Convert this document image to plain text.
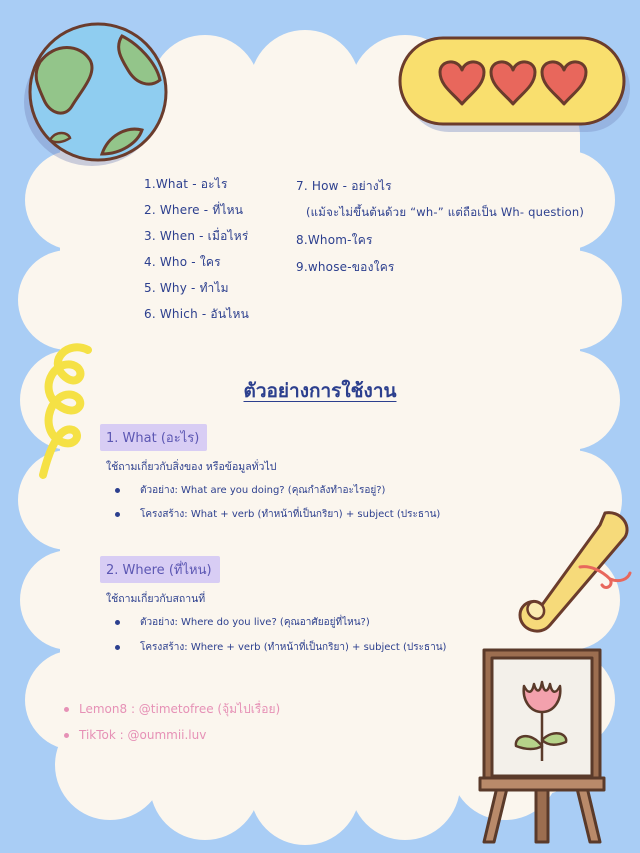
1.What - อะไร
2. Where - ที่ไหน
3. When - เมื่อไหร่
4. Who - ใคร
5. Why - ทำไม
6. Which - อันไหน
7. How - อย่างไร
(แม้จะไม่ขึ้นต้นด้วย “wh-” แต่ถือเป็น Wh- question)
8.Whom-ใคร
9.whose-ของใคร
ตัวอย่างการใช้งาน
1. What (อะไร)
ใช้ถามเกี่ยวกับสิ่งของ หรือข้อมูลทั่วไป
ตัวอย่าง: What are you doing? (คุณกำลังทำอะไรอยู่?)
โครงสร้าง: What + verb (ทำหน้าที่เป็นกริยา) + subject (ประธาน)
2. Where (ที่ไหน)
ใช้ถามเกี่ยวกับสถานที่
ตัวอย่าง: Where do you live? (คุณอาศัยอยู่ที่ไหน?)
โครงสร้าง: Where + verb (ทำหน้าที่เป็นกริยา) + subject (ประธาน)
Lemon8 : @timetofree (จุ้มไปเรื่อย)
TikTok : @oummii.luv
